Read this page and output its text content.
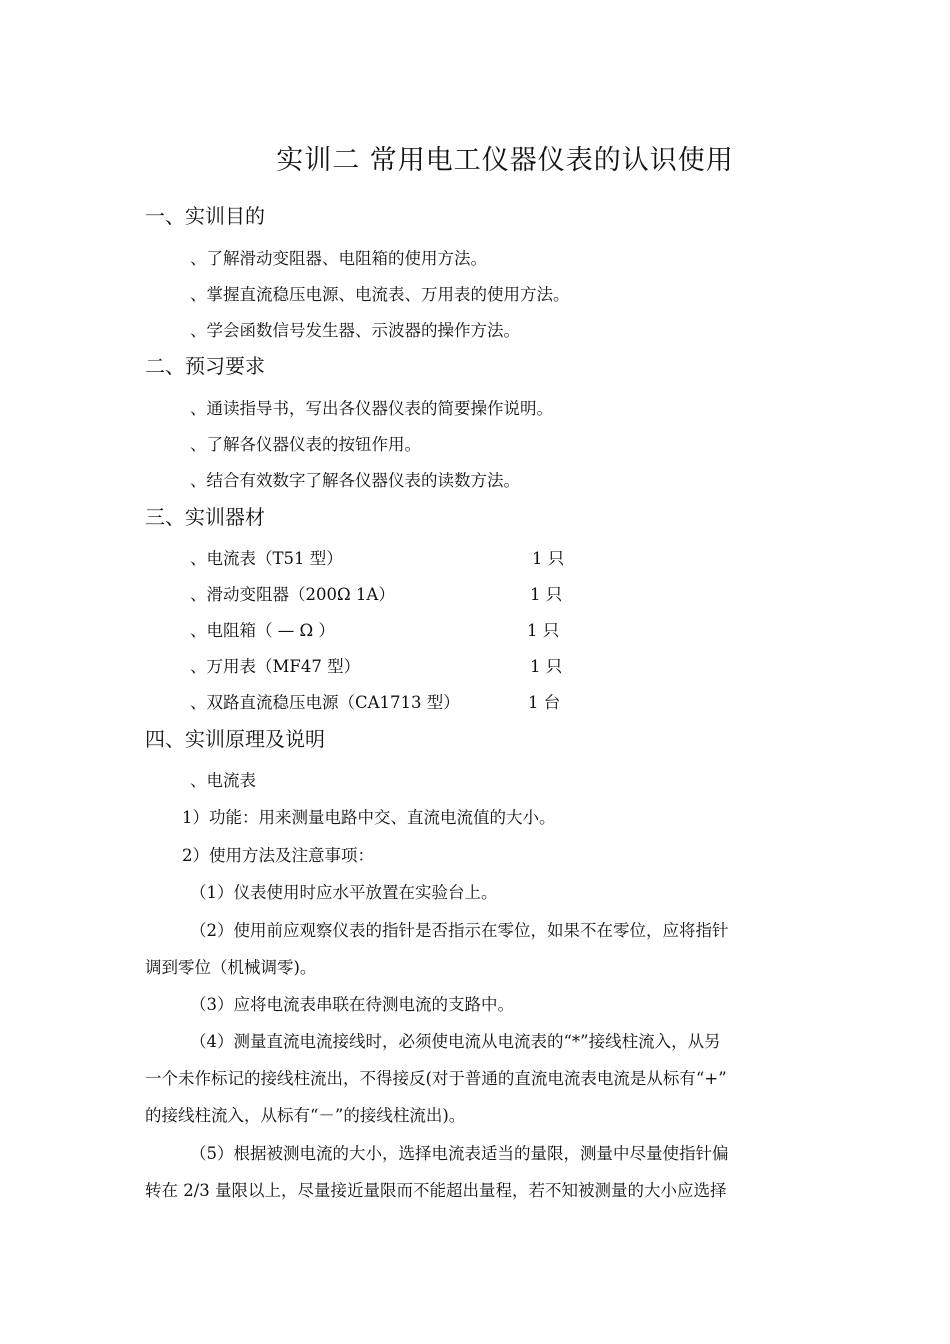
实训二 常用电工仪器仪表的认识使用
一、实训目的
、了解滑动变阻器、电阻箱的使用方法。
、掌握直流稳压电源、电流表、万用表的使用方法。
、学会函数信号发生器、示波器的操作方法。
二、预习要求
、通读指导书，写出各仪器仪表的简要操作说明。
、了解各仪器仪表的按钮作用。
、结合有效数字了解各仪器仪表的读数方法。
三、实训器材
、电流表（T51 型）	1 只
、滑动变阻器（200Ω 1A）	1 只
、电阻箱（ — Ω ）	1 只
、万用表（MF47 型）	1 只
、双路直流稳压电源（CA1713 型）	1 台
四、实训原理及说明
、电流表
1）功能：用来测量电路中交、直流电流值的大小。
2）使用方法及注意事项：
（1）仪表使用时应水平放置在实验台上。
（2）使用前应观察仪表的指针是否指示在零位，如果不在零位，应将指针
调到零位（机械调零)。
（3）应将电流表串联在待测电流的支路中。
（4）测量直流电流接线时，必须使电流从电流表的“*”接线柱流入，从另
一个未作标记的接线柱流出，不得接反(对于普通的直流电流表电流是从标有“+”
的接线柱流入，从标有“－”的接线柱流出)。
（5）根据被测电流的大小，选择电流表适当的量限，测量中尽量使指针偏
转在 2/3 量限以上，尽量接近量限而不能超出量程，若不知被测量的大小应选择
